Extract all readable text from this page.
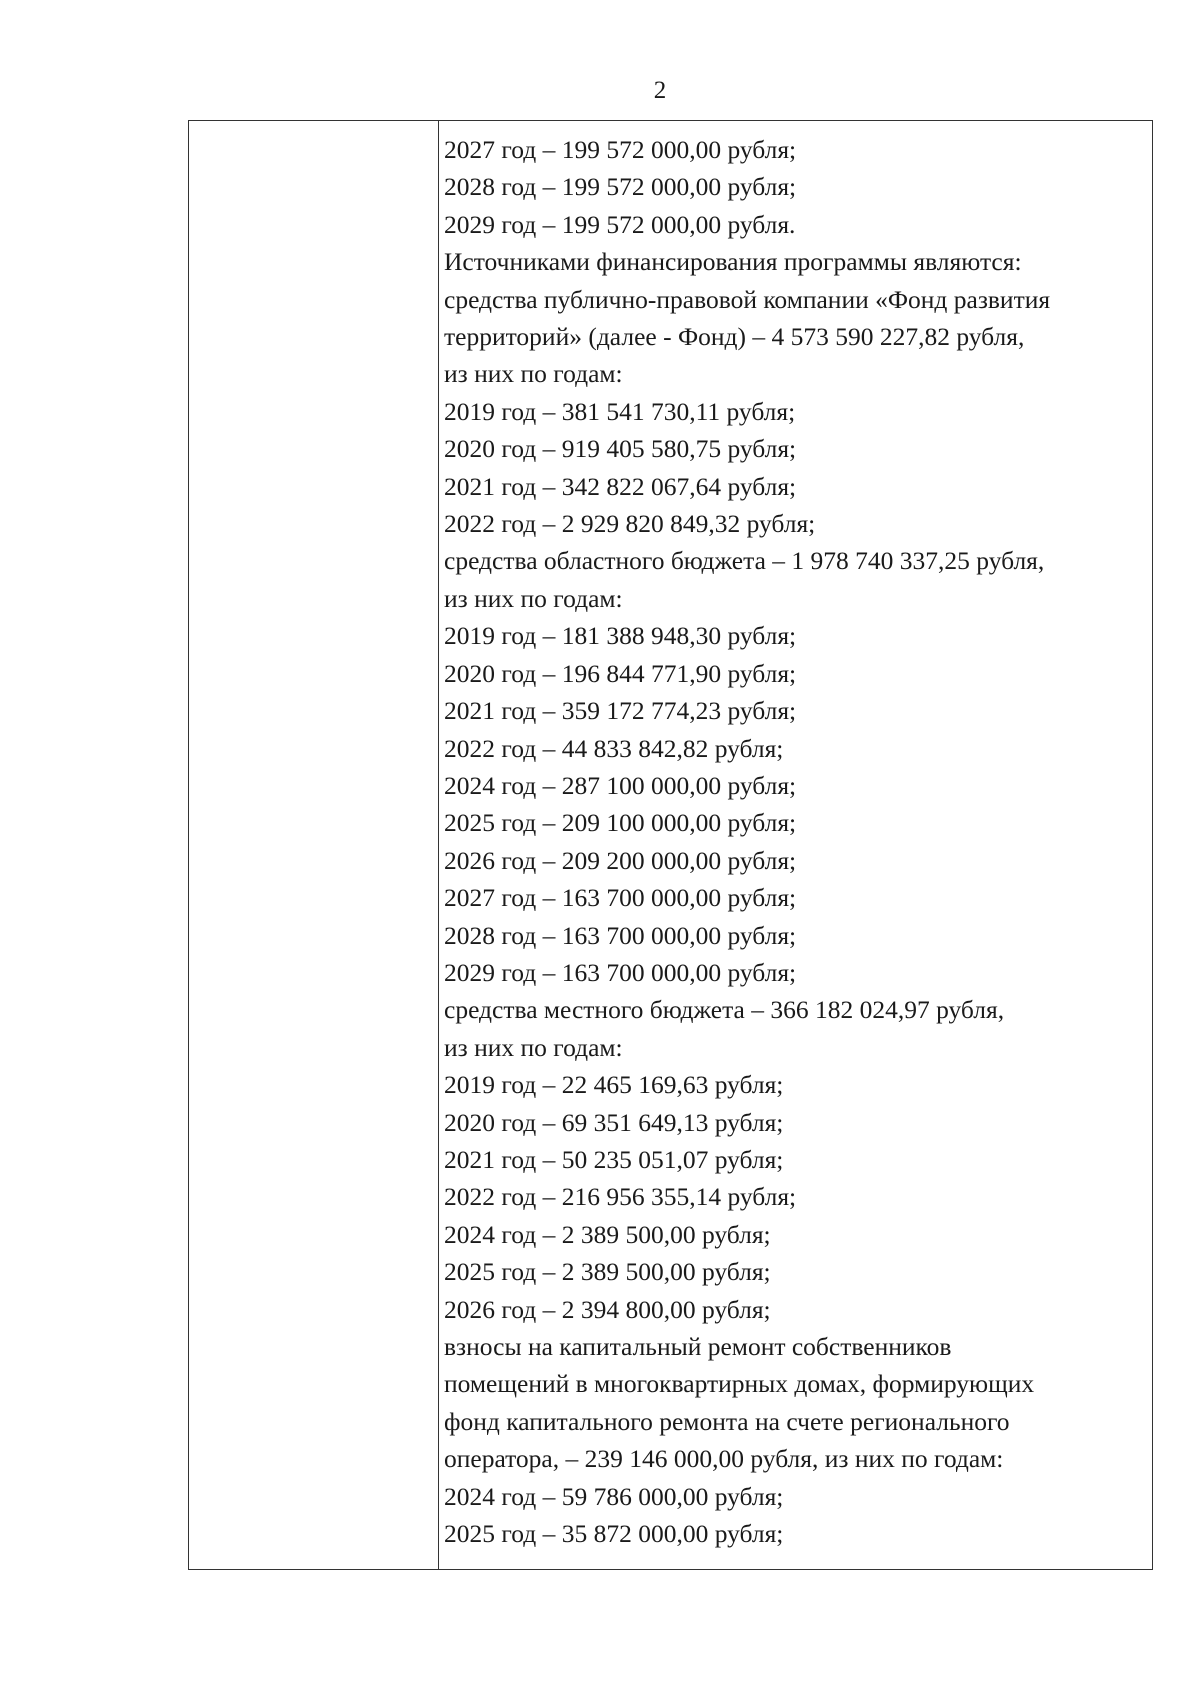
2
2027 год – 199 572 000,00 рубля;
2028 год – 199 572 000,00 рубля;
2029 год – 199 572 000,00 рубля.
Источниками финансирования программы являются:
средства публично-правовой компании «Фонд развития
территорий» (далее - Фонд) – 4 573 590 227,82 рубля,
из них по годам:
2019 год – 381 541 730,11 рубля;
2020 год – 919 405 580,75 рубля;
2021 год – 342 822 067,64 рубля;
2022 год – 2 929 820 849,32 рубля;
средства областного бюджета – 1 978 740 337,25 рубля,
из них по годам:
2019 год – 181 388 948,30 рубля;
2020 год – 196 844 771,90 рубля;
2021 год – 359 172 774,23 рубля;
2022 год – 44 833 842,82 рубля;
2024 год – 287 100 000,00 рубля;
2025 год – 209 100 000,00 рубля;
2026 год – 209 200 000,00 рубля;
2027 год – 163 700 000,00 рубля;
2028 год – 163 700 000,00 рубля;
2029 год – 163 700 000,00 рубля;
средства местного бюджета – 366 182 024,97 рубля,
из них по годам:
2019 год – 22 465 169,63 рубля;
2020 год – 69 351 649,13 рубля;
2021 год – 50 235 051,07 рубля;
2022 год – 216 956 355,14 рубля;
2024 год – 2 389 500,00 рубля;
2025 год – 2 389 500,00 рубля;
2026 год – 2 394 800,00 рубля;
взносы на капитальный ремонт собственников
помещений в многоквартирных домах, формирующих
фонд капитального ремонта на счете регионального
оператора, – 239 146 000,00 рубля, из них по годам:
2024 год – 59 786 000,00 рубля;
2025 год – 35 872 000,00 рубля;
